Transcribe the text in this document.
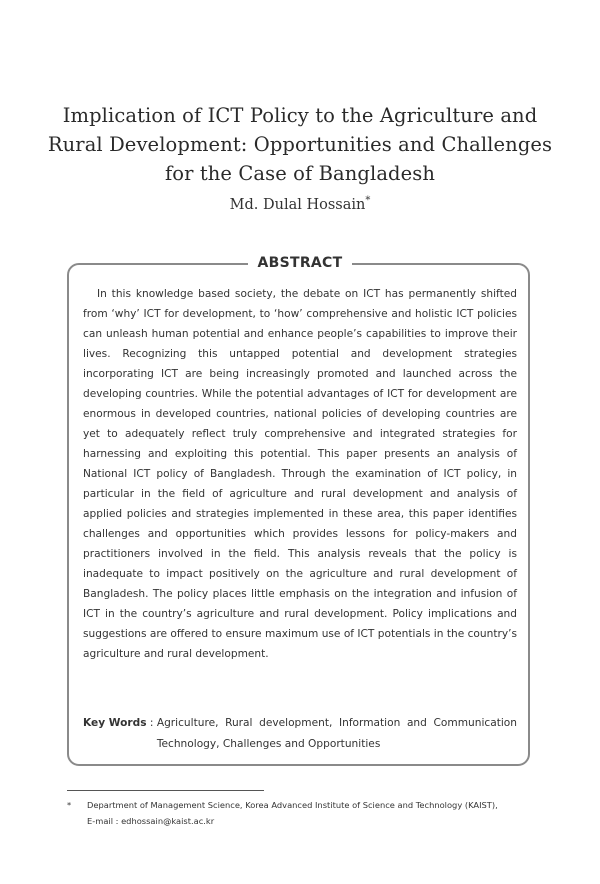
Implication of ICT Policy to the Agriculture and
Rural Development: Opportunities and Challenges
for the Case of Bangladesh
Md. Dulal Hossain*
ABSTRACT

In this knowledge based society, the debate on ICT has permanently shifted from ‘why’ ICT for development, to ‘how’ comprehensive and holistic ICT policies can unleash human potential and enhance people’s capabilities to improve their lives. Recognizing this untapped potential and development strategies incorporating ICT are being increasingly promoted and launched across the developing countries. While the potential advantages of ICT for development are enormous in developed countries, national policies of developing countries are yet to adequately reflect truly comprehensive and integrated strategies for harnessing and exploiting this potential. This paper presents an analysis of National ICT policy of Bangladesh. Through the examination of ICT policy, in particular in the field of agriculture and rural development and analysis of applied policies and strategies implemented in these area, this paper identifies challenges and opportunities which provides lessons for policy-makers and practitioners involved in the field. This analysis reveals that the policy is inadequate to impact positively on the agriculture and rural development of Bangladesh. The policy places little emphasis on the integration and infusion of ICT in the country’s agriculture and rural development. Policy implications and suggestions are offered to ensure maximum use of ICT potentials in the country’s agriculture and rural development.

Key Words : Agriculture, Rural development, Information and Communication Technology, Challenges and Opportunities
* Department of Management Science, Korea Advanced Institute of Science and Technology (KAIST),
E-mail : edhossain@kaist.ac.kr
